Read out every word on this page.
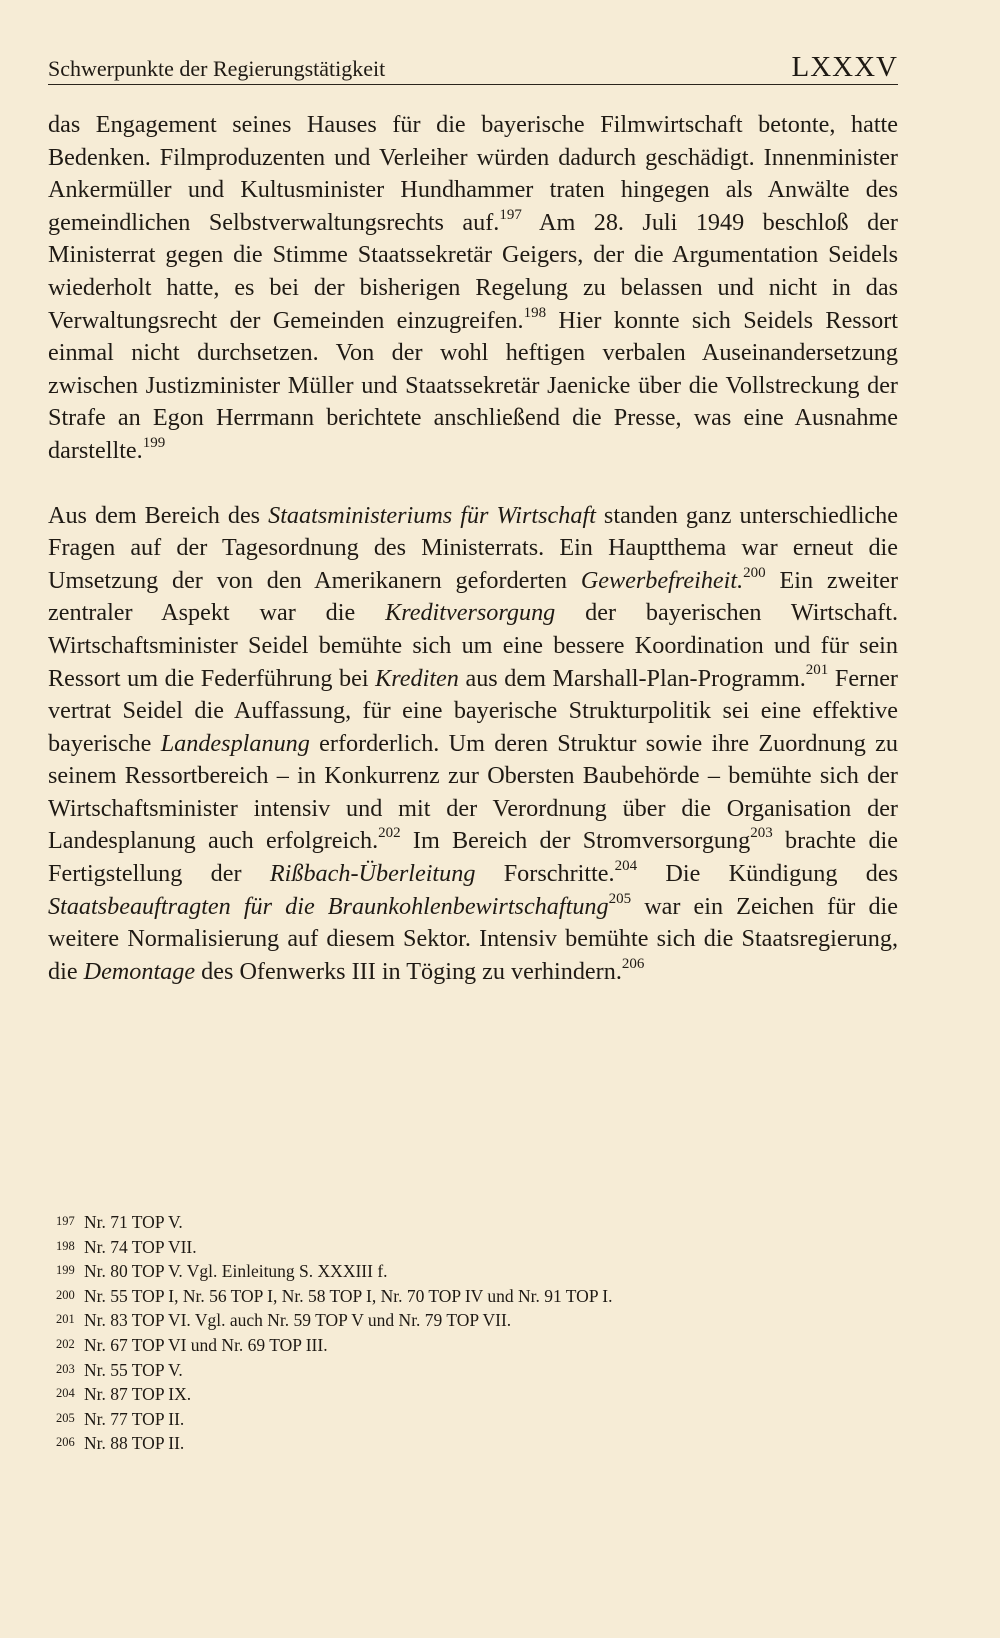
Schwerpunkte der Regierungstätigkeit	LXXXV

das Engagement seines Hauses für die bayerische Filmwirtschaft betonte, hatte Bedenken. Filmproduzenten und Verleiher würden dadurch geschädigt. Innenminister Ankermüller und Kultusminister Hundhammer traten hingegen als Anwälte des gemeindlichen Selbstverwaltungsrechts auf.$^{197}$ Am 28. Juli 1949 beschloß der Ministerrat gegen die Stimme Staatssekretär Geigers, der die Argumentation Seidels wiederholt hatte, es bei der bisherigen Regelung zu belassen und nicht in das Verwaltungsrecht der Gemeinden einzugreifen.$^{198}$ Hier konnte sich Seidels Ressort einmal nicht durchsetzen. Von der wohl heftigen verbalen Auseinandersetzung zwischen Justizminister Müller und Staatssekretär Jaenicke über die Vollstreckung der Strafe an Egon Herrmann berichtete anschließend die Presse, was eine Ausnahme darstellte.$^{199}$

Aus dem Bereich des Staatsministeriums für Wirtschaft standen ganz unterschiedliche Fragen auf der Tagesordnung des Ministerrats. Ein Hauptthema war erneut die Umsetzung der von den Amerikanern geforderten Gewerbefreiheit.$^{200}$ Ein zweiter zentraler Aspekt war die Kreditversorgung der bayerischen Wirtschaft. Wirtschaftsminister Seidel bemühte sich um eine bessere Koordination und für sein Ressort um die Federführung bei Krediten aus dem Marshall-Plan-Programm.$^{201}$ Ferner vertrat Seidel die Auffassung, für eine bayerische Strukturpolitik sei eine effektive bayerische Landesplanung erforderlich. Um deren Struktur sowie ihre Zuordnung zu seinem Ressortbereich – in Konkurrenz zur Obersten Baubehörde – bemühte sich der Wirtschaftsminister intensiv und mit der Verordnung über die Organisation der Landesplanung auch erfolgreich.$^{202}$ Im Bereich der Stromversorgung$^{203}$ brachte die Fertigstellung der Rißbach-Überleitung Forschritte.$^{204}$ Die Kündigung des Staatsbeauftragten für die Braunkohlenbewirtschaftung$^{205}$ war ein Zeichen für die weitere Normalisierung auf diesem Sektor. Intensiv bemühte sich die Staatsregierung, die Demontage des Ofenwerks III in Töging zu verhindern.$^{206}$

197 Nr. 71 TOP V.
198 Nr. 74 TOP VII.
199 Nr. 80 TOP V. Vgl. Einleitung S. XXXIII f.
200 Nr. 55 TOP I, Nr. 56 TOP I, Nr. 58 TOP I, Nr. 70 TOP IV und Nr. 91 TOP I.
201 Nr. 83 TOP VI. Vgl. auch Nr. 59 TOP V und Nr. 79 TOP VII.
202 Nr. 67 TOP VI und Nr. 69 TOP III.
203 Nr. 55 TOP V.
204 Nr. 87 TOP IX.
205 Nr. 77 TOP II.
206 Nr. 88 TOP II.
